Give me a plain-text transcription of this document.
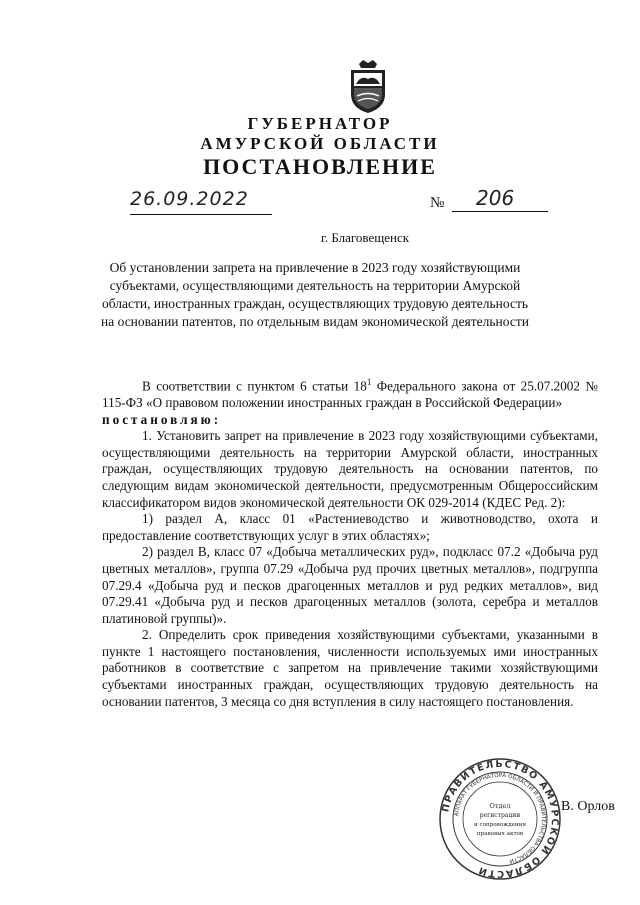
ГУБЕРНАТОР
АМУРСКОЙ ОБЛАСТИ
ПОСТАНОВЛЕНИЕ
26.09.2022	№	206
г. Благовещенск
Об установлении запрета на привлечение в 2023 году хозяйствующими субъектами, осуществляющими деятельность на территории Амурской области, иностранных граждан, осуществляющих трудовую деятельность на основании патентов, по отдельным видам экономической деятельности

В соответствии с пунктом 6 статьи $18^1$ Федерального закона от 25.07.2002 № 115-ФЗ «О правовом положении иностранных граждан в Российской Федерации»

постановляю:

1. Установить запрет на привлечение в 2023 году хозяйствующими субъектами, осуществляющими деятельность на территории Амурской области, иностранных граждан, осуществляющих трудовую деятельность на основании патентов, по следующим видам экономической деятельности, предусмотренным Общероссийским классификатором видов экономической деятельности ОК 029-2014 (КДЕС Ред. 2):

1) раздел А, класс 01 «Растениеводство и животноводство, охота и предоставление соответствующих услуг в этих областях»;

2) раздел В, класс 07 «Добыча металлических руд», подкласс 07.2 «Добыча руд цветных металлов», группа 07.29 «Добыча руд прочих цветных металлов», подгруппа 07.29.4 «Добыча руд и песков драгоценных металлов и руд редких металлов», вид 07.29.41 «Добыча руд и песков драгоценных металлов (золота, серебра и металлов платиновой группы)».

2. Определить срок приведения хозяйствующими субъектами, указанными в пункте 1 настоящего постановления, численности используемых ими иностранных работников в соответствие с запретом на привлечение такими хозяйствующими субъектами иностранных граждан, осуществляющих трудовую деятельность на основании патентов, 3 месяца со дня вступления в силу настоящего постановления.

ПРАВИТЕЛЬСТВО АМУРСКОЙ ОБЛАСТИ
АППАРАТ ГУБЕРНАТОРА ОБЛАСТИ И ПРАВИТЕЛЬСТВА ОБЛАСТИ
Отдел
регистрации
и сопровождения
правовых актов
В. Орлов
